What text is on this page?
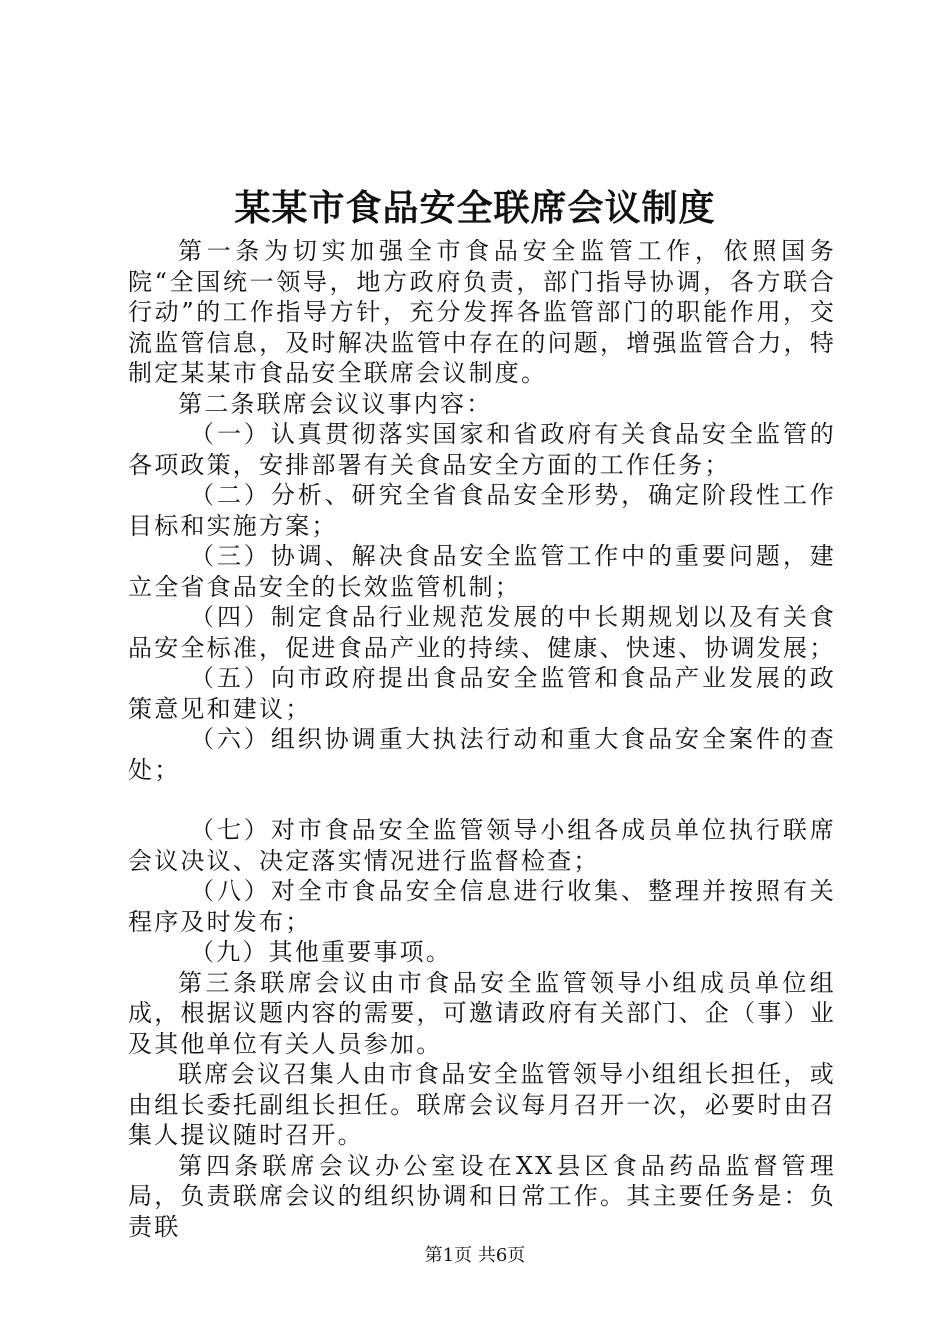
某某市食品安全联席会议制度

第一条为切实加强全市食品安全监管工作，依照国务院“全国统一领导，地方政府负责，部门指导协调，各方联合行动”的工作指导方针，充分发挥各监管部门的职能作用，交流监管信息，及时解决监管中存在的问题，增强监管合力，特制定某某市食品安全联席会议制度。

第二条联席会议议事内容：

（一）认真贯彻落实国家和省政府有关食品安全监管的各项政策，安排部署有关食品安全方面的工作任务；

（二）分析、研究全省食品安全形势，确定阶段性工作目标和实施方案；

（三）协调、解决食品安全监管工作中的重要问题，建立全省食品安全的长效监管机制；

（四）制定食品行业规范发展的中长期规划以及有关食品安全标准，促进食品产业的持续、健康、快速、协调发展；

（五）向市政府提出食品安全监管和食品产业发展的政策意见和建议；

（六）组织协调重大执法行动和重大食品安全案件的查处；

（七）对市食品安全监管领导小组各成员单位执行联席会议决议、决定落实情况进行监督检查；

（八）对全市食品安全信息进行收集、整理并按照有关程序及时发布；

（九）其他重要事项。

第三条联席会议由市食品安全监管领导小组成员单位组成，根据议题内容的需要，可邀请政府有关部门、企（事）业及其他单位有关人员参加。

联席会议召集人由市食品安全监管领导小组组长担任，或由组长委托副组长担任。联席会议每月召开一次，必要时由召集人提议随时召开。

第四条联席会议办公室设在XX县区食品药品监督管理局，负责联席会议的组织协调和日常工作。其主要任务是：负责联

第1页 共6页
